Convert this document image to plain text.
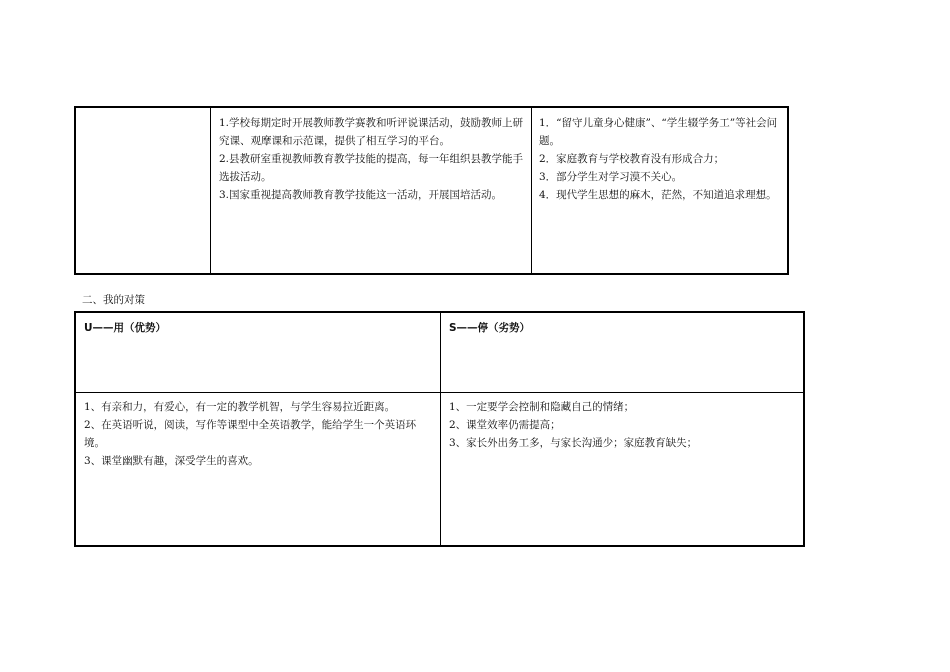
1.学校每期定时开展教师教学赛教和听评说课活动，鼓励教师上研究课、观摩课和示范课，提供了相互学习的平台。

2.县教研室重视教师教育教学技能的提高，每一年组织县教学能手选拔活动。

3.国家重视提高教师教育教学技能这一活动，开展国培活动。

1．“留守儿童身心健康”、“学生辍学务工”等社会问题。

2．家庭教育与学校教育没有形成合力；

3．部分学生对学习漠不关心。

4．现代学生思想的麻木，茫然，不知道追求理想。

二、我的对策
U——用（优势）	S——停（劣势）

1、有亲和力，有爱心，有一定的教学机智，与学生容易拉近距离。

2、在英语听说，阅读，写作等课型中全英语教学，能给学生一个英语环境。

3、课堂幽默有趣，深受学生的喜欢。

1、一定要学会控制和隐藏自己的情绪；

2、课堂效率仍需提高；

3、家长外出务工多，与家长沟通少；家庭教育缺失；
